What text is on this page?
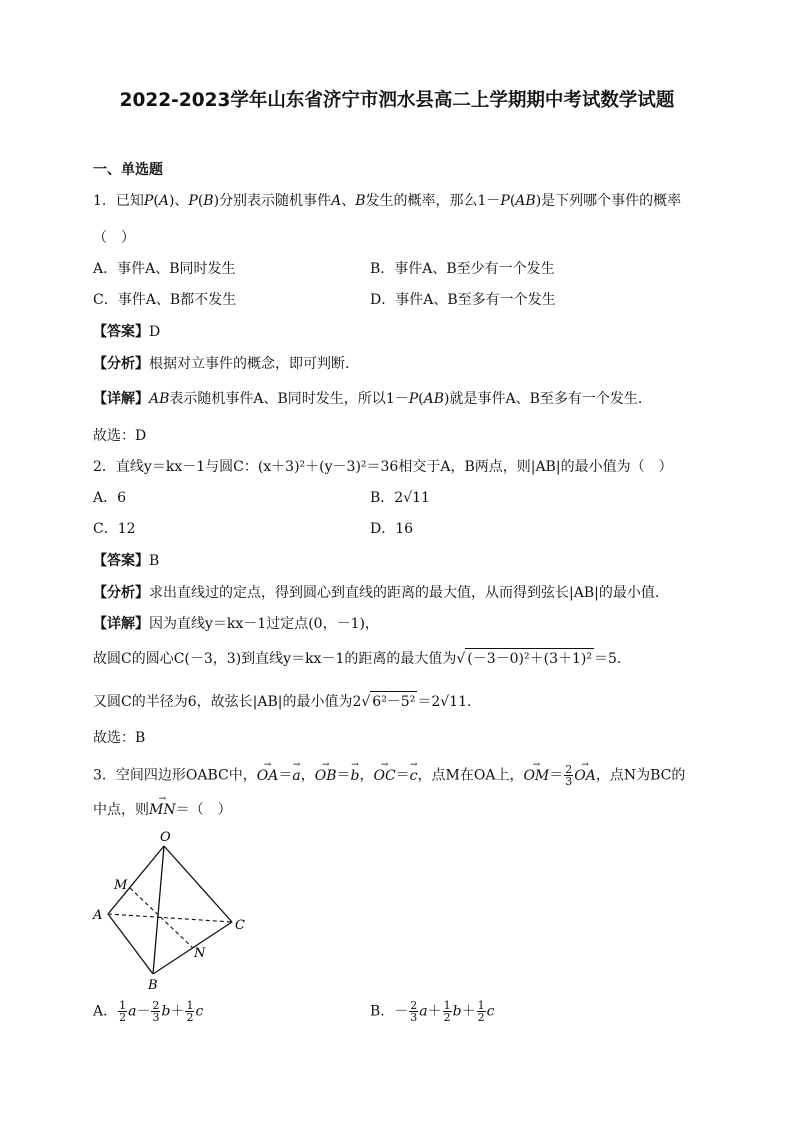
2022-2023学年山东省济宁市泗水县高二上学期期中考试数学试题
一、单选题
1．已知P(A)、P(B)分别表示随机事件A、B发生的概率，那么1－P(AB)是下列哪个事件的概率
（　）
A．事件A、B同时发生	B．事件A、B至少有一个发生
C．事件A、B都不发生	D．事件A、B至多有一个发生
【答案】D
【分析】根据对立事件的概念，即可判断.
【详解】AB表示随机事件A、B同时发生，所以1－P(AB)就是事件A、B至多有一个发生.
故选：D
2．直线y＝kx－1与圆C：(x＋3)²＋(y－3)²＝36相交于A，B两点，则|AB|的最小值为（　）
A．6	B．2√11
C．12	D．16
【答案】B
【分析】求出直线过的定点，得到圆心到直线的距离的最大值，从而得到弦长|AB|的最小值.
【详解】因为直线y＝kx－1过定点(0，－1)，
故圆C的圆心C(－3，3)到直线y＝kx－1的距离的最大值为√ (－3－0)²＋(3＋1)² ＝5.
又圆C的半径为6，故弦长|AB|的最小值为2√ 6²－5² ＝2√11.
故选：B
3．空间四边形OABC中，→ OA＝→ a，→ OB＝→ b，→ OC＝→ c，点M在OA上，→ $OM= \frac{2}{3}$
→ OA，点N为BC的
中点，则→ MN＝（　）
O
M
A
C
N
B
A． $\frac{1}{2} a- \frac{2}{3} b+ \frac{1}{2}$ c	B．－ $\frac{2}{3} a+ \frac{1}{2} b+ \frac{1}{2}$ c
